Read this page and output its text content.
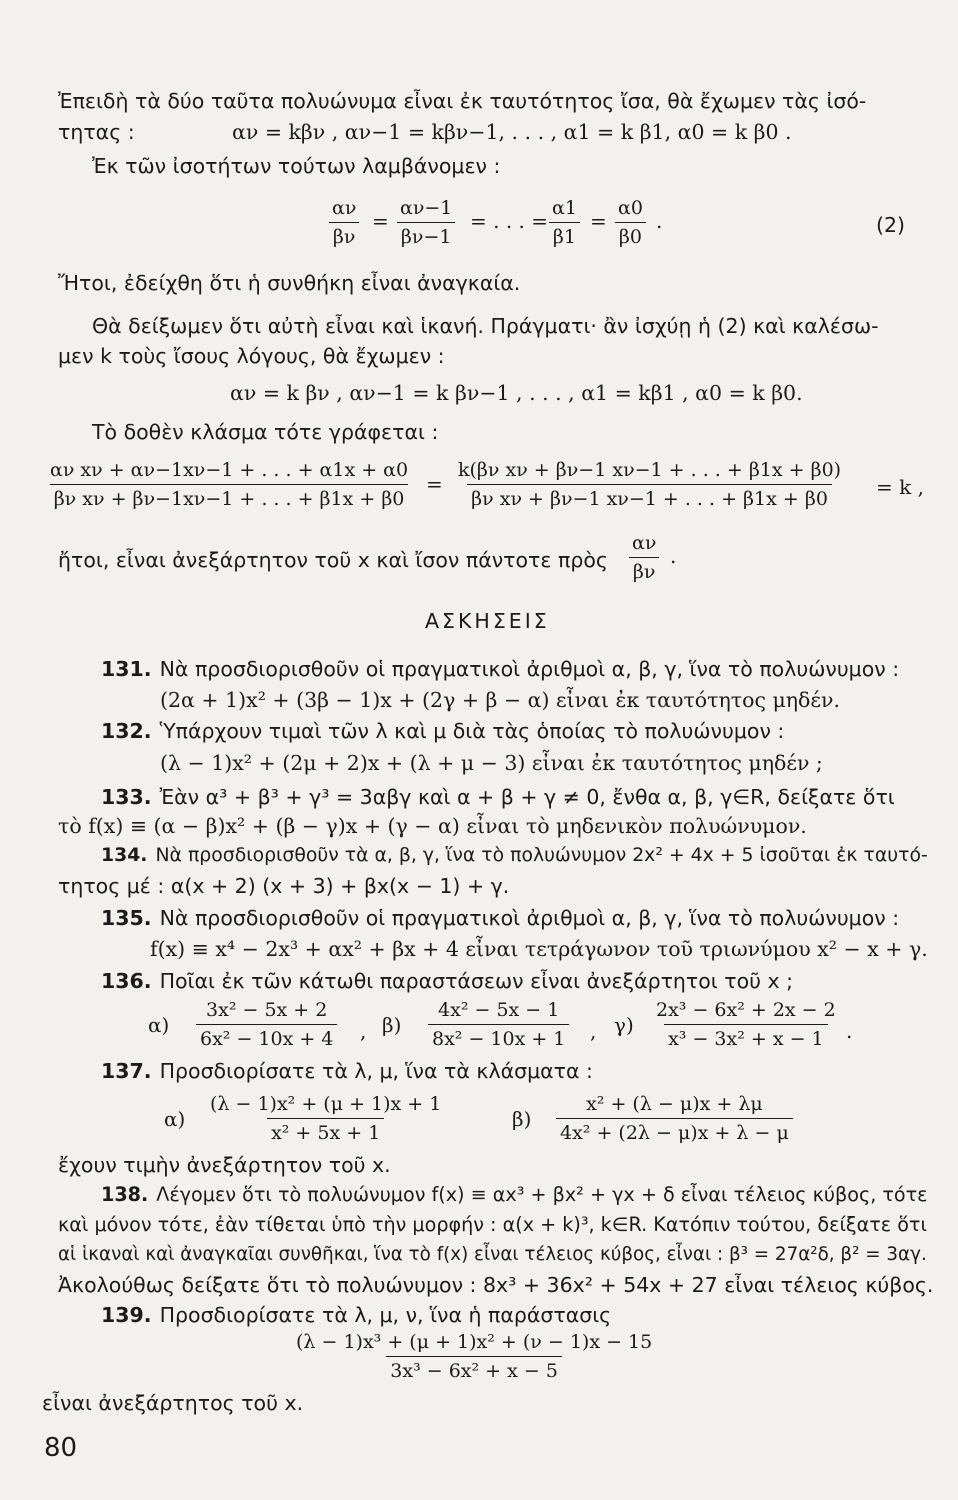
Ἐπειδὴ τὰ δύο ταῦτα πολυώνυμα εἶναι ἐκ ταυτότητος ἴσα, θὰ ἔχωμεν τὰς ἰσό-
τητας :	αν = kβν , αν−1 = kβν−1, . . . , α1 = k β1, α0 = k β0 .
Ἐκ τῶν ἰσοτήτων τούτων λαμβάνομεν :
$\frac{\alpha\nu}{\beta\nu} = \frac{\alpha\nu-1}{\beta\nu-1}$ = . . . = $\frac{\alpha 1}{\beta 1} = \frac{\alpha 0}{\beta 0}$ .	(2)
Ἤτοι, ἐδείχθη ὅτι ἡ συνθήκη εἶναι ἀναγκαία.
Θὰ δείξωμεν ὅτι αὐτὴ εἶναι καὶ ἱκανή. Πράγματι· ἂν ἰσχύῃ ἡ (2) καὶ καλέσω-
μεν k τοὺς ἴσους λόγους, θὰ ἔχωμεν :
αν = k βν , αν−1 = k βν−1 , . . . , α1 = kβ1 , α0 = k β0.
Τὸ δοθὲν κλάσμα τότε γράφεται :
$\frac{\text{αν xν + αν−1xν−1 + . . . + α1x + α0}}{\text{βν xν + βν−1xν−1 + . . . + β1x + β0}} = \frac{\text{k(βν xν + βν−1 xν−1 + . . . + β1x + β0)}}{\text{βν xν + βν−1 xν−1 + . . . + β1x + β0}} = k$ ,
ἤτοι, εἶναι ἀνεξάρτητον τοῦ x καὶ ἴσον πάντοτε πρὸς $\frac{\alpha\nu}{\beta\nu}$ .
ΑΣΚΗΣΕΙΣ
131. Νὰ προσδιορισθοῦν οἱ πραγματικοὶ ἀριθμοὶ α, β, γ, ἵνα τὸ πολυώνυμον :
(2α + 1)x² + (3β − 1)x + (2γ + β − α) εἶναι ἐκ ταυτότητος μηδέν.
132. Ὑπάρχουν τιμαὶ τῶν λ καὶ μ διὰ τὰς ὁποίας τὸ πολυώνυμον :
(λ − 1)x² + (2μ + 2)x + (λ + μ − 3) εἶναι ἐκ ταυτότητος μηδέν ;
133. Ἐὰν α³ + β³ + γ³ = 3αβγ καὶ α + β + γ ≠ 0, ἔνθα α, β, γ∈R, δείξατε ὅτι
τὸ f(x) ≡ (α − β)x² + (β − γ)x + (γ − α) εἶναι τὸ μηδενικὸν πολυώνυμον.
134. Νὰ προσδιορισθοῦν τὰ α, β, γ, ἵνα τὸ πολυώνυμον 2x² + 4x + 5 ἰσοῦται ἐκ ταυτό-
τητος μέ : α(x + 2) (x + 3) + βx(x − 1) + γ.
135. Νὰ προσδιορισθοῦν οἱ πραγματικοὶ ἀριθμοὶ α, β, γ, ἵνα τὸ πολυώνυμον :
f(x) ≡ x⁴ − 2x³ + αx² + βx + 4 εἶναι τετράγωνον τοῦ τριωνύμου x² − x + γ.
136. Ποῖαι ἐκ τῶν κάτωθι παραστάσεων εἶναι ἀνεξάρτητοι τοῦ x ;
$\alpha) \frac{\text{3x² − 5x + 2}}{\text{6x² − 10x + 4}}$ , $\beta) \frac{\text{4x² − 5x − 1}}{\text{8x² − 10x + 1}}$ , $\gamma) \frac{\text{2x³ − 6x² + 2x − 2}}{\text{x³ − 3x² + x − 1}}$ .
137. Προσδιορίσατε τὰ λ, μ, ἵνα τὰ κλάσματα :
$\alpha) \frac{\text{(λ − 1)x² + (μ + 1)x + 1}}{\text{x² + 5x + 1}}$	$\beta) \frac{\text{x² + (λ − μ)x + λμ}}{\text{4x² + (2λ − μ)x + λ − μ}}$
ἔχουν τιμὴν ἀνεξάρτητον τοῦ x.
138. Λέγομεν ὅτι τὸ πολυώνυμον f(x) ≡ αx³ + βx² + γx + δ εἶναι τέλειος κύβος, τότε
καὶ μόνον τότε, ἐὰν τίθεται ὑπὸ τὴν μορφήν : α(x + k)³, k∈R. Κατόπιν τούτου, δείξατε ὅτι
αἱ ἱκαναὶ καὶ ἀναγκαῖαι συνθῆκαι, ἵνα τὸ f(x) εἶναι τέλειος κύβος, εἶναι : β³ = 27α²δ, β² = 3αγ.
Ἀκολούθως δείξατε ὅτι τὸ πολυώνυμον : 8x³ + 36x² + 54x + 27 εἶναι τέλειος κύβος.
139. Προσδιορίσατε τὰ λ, μ, ν, ἵνα ἡ παράστασις
$\frac{\text{(λ − 1)x³ + (μ + 1)x² + (ν − 1)x − 15}}{\text{3x³ − 6x² + x − 5}}$
εἶναι ἀνεξάρτητος τοῦ x.
80
